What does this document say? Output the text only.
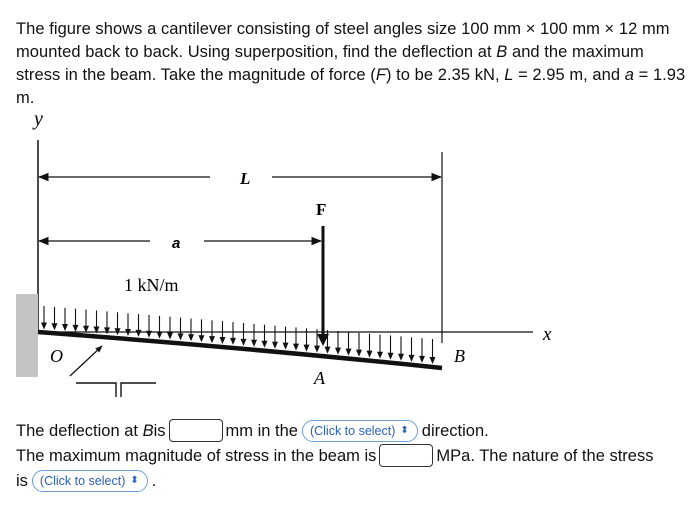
The figure shows a cantilever consisting of steel angles size 100 mm × 100 mm × 12 mm mounted back to back. Using superposition, find the deflection at B and the maximum stress in the beam. Take the magnitude of force (F) to be 2.35 kN, L = 2.95 m, and a = 1.93 m.
y
L
a
F
1 kN/m
x
O
A
B
The deflection at
B is	mm in the (Click to select) ⬍ direction.
The maximum magnitude of stress in the beam is	MPa. The nature of the stress
is (Click to select) ⬍ .
